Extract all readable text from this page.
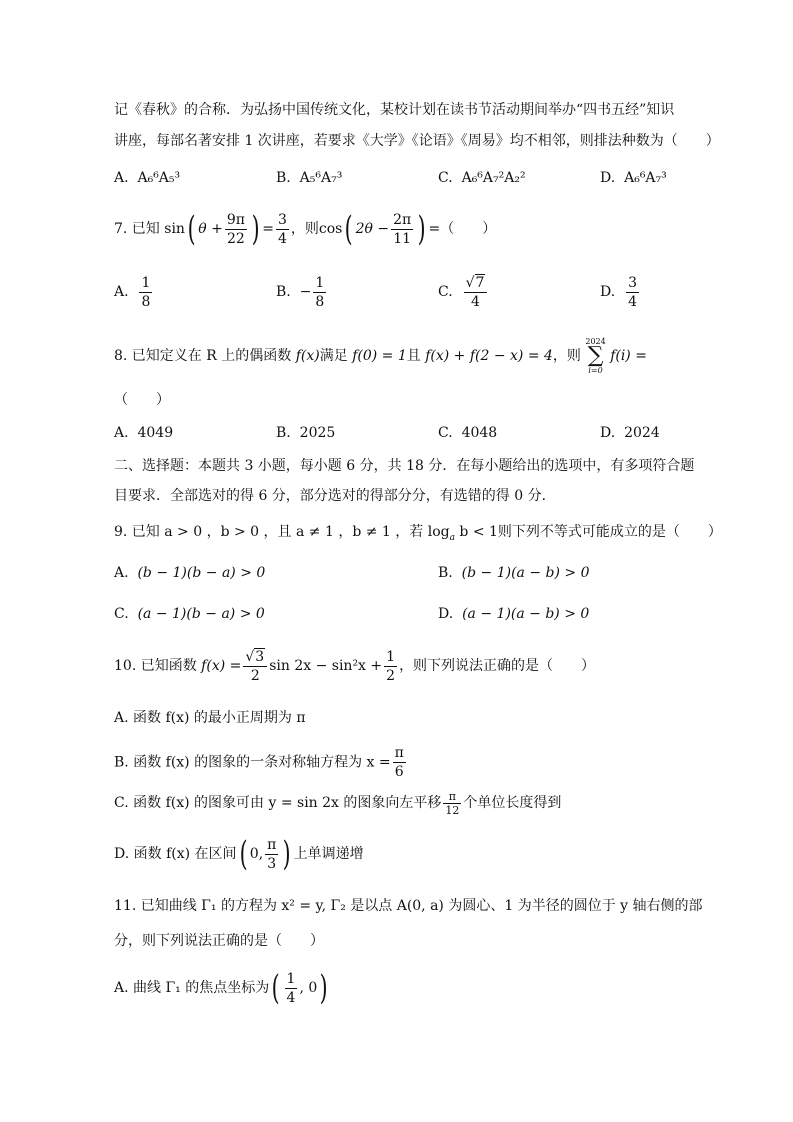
记《春秋》的合称．为弘扬中国传统文化，某校计划在读书节活动期间举办“四书五经”知识
讲座，每部名著安排 1 次讲座，若要求《大学》《论语》《周易》均不相邻，则排法种数为（　　）
A. A₆⁶A₅³	B. A₅⁶A₇³	C. A₆⁶A₇²A₂²	D. A₆⁶A₇³
7. 已知 sin( $\theta + \frac{9\pi}{22}$ ) = $\frac{3}{4}$ ，则cos( $2\theta - \frac{2\pi}{11}$ ) =（　　）
A. $\frac{1}{8}$	B. − $\frac{1}{8}$	C. $\frac{√7}{4}$	D. $\frac{3}{4}$
8. 已知定义在 R 上的偶函数 f(x)满足 f(0) = 1且 f(x) + f(2 − x) = 4，则
2024
∑
i=0
f(i) =
（　　）
A. 4049	B. 2025	C. 4048	D. 2024
二、选择题：本题共 3 小题，每小题 6 分，共 18 分．在每小题给出的选项中，有多项符合题
目要求．全部选对的得 6 分，部分选对的得部分分，有选错的得 0 分．
9. 已知 a > 0 ，b > 0 ，且 a ≠ 1 ，b ≠ 1 ，若 $\log_a b < 1$则下列不等式可能成立的是（　　）
A. (b − 1)(b − a) > 0	B. (b − 1)(a − b) > 0
C. (a − 1)(b − a) > 0	D. (a − 1)(a − b) > 0
10. 已知函数 $f(x) = \frac{√3}{2}$ $\sin 2x - \sin^2x + \frac{1}{2}$ ，则下列说法正确的是（　　）
A. 函数 f(x) 的最小正周期为 π
B. 函数 f(x) 的图象的一条对称轴方程为 $x = \frac{\pi}{6}$
C. 函数 f(x) 的图象可由 y = sin 2x 的图象向左平移 $\frac{\pi}{12}$ 个单位长度得到
D. 函数 f(x) 在区间( 0, $\frac{\pi}{3}$ ) 上单调递增
11. 已知曲线 Γ₁ 的方程为 x² = y, Γ₂ 是以点 A(0, a) 为圆心、1 为半径的圆位于 y 轴右侧的部
分，则下列说法正确的是（　　）
A. 曲线 Γ₁ 的焦点坐标为( $\frac{1}{4}$ , 0)
